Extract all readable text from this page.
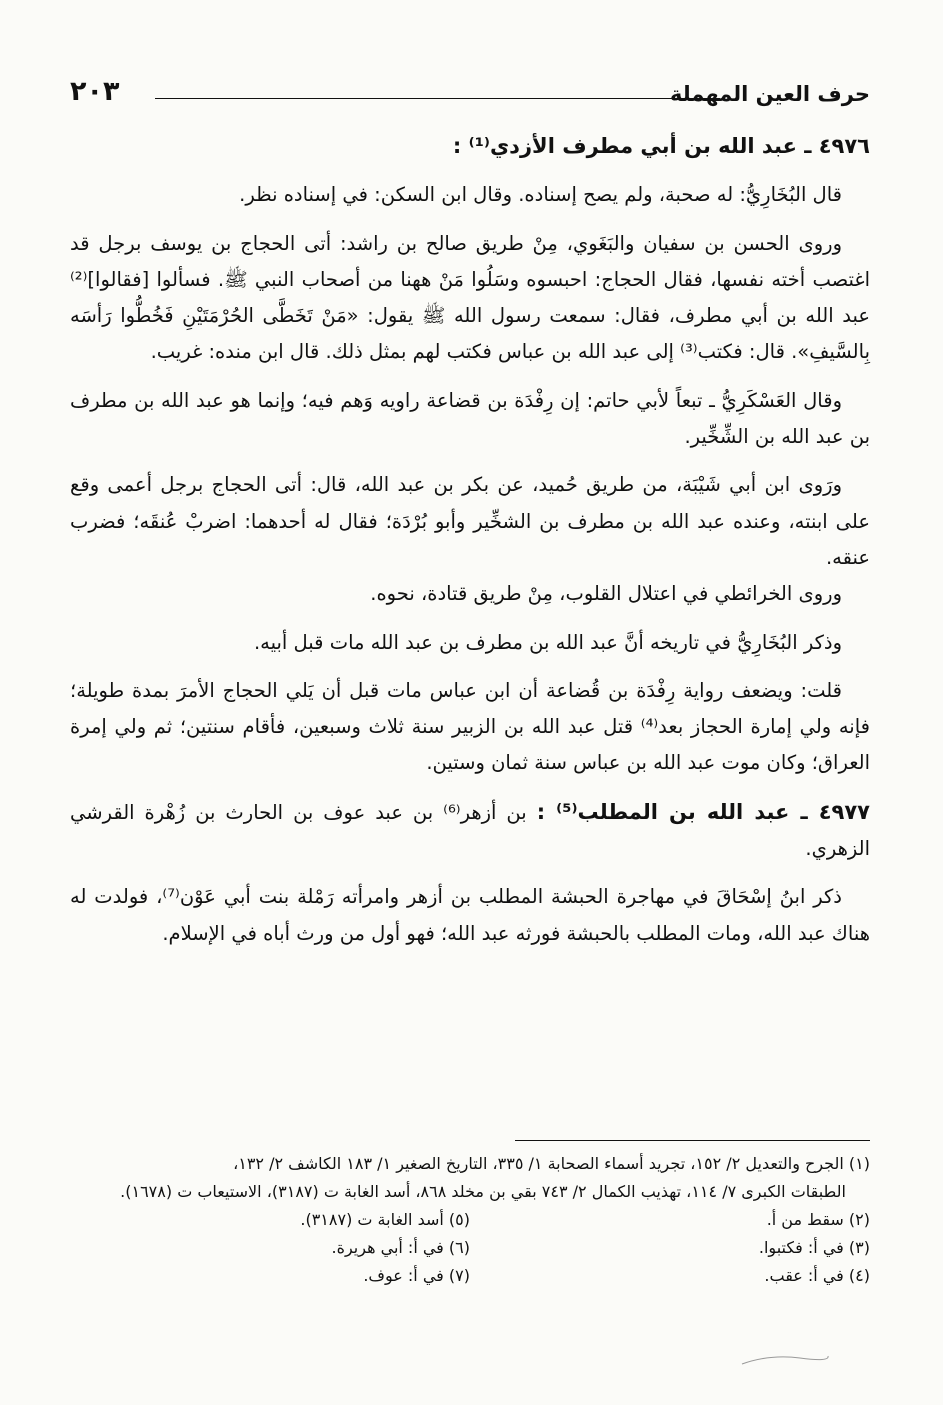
حرف العين المهملة
٢٠٣

٤٩٧٦ ـ عبد الله بن أبي مطرف الأزدي⁽¹⁾ :

قال البُخَارِيُّ: له صحبة، ولم يصح إسناده. وقال ابن السكن: في إسناده نظر.

وروى الحسن بن سفيان والبَغَوي، مِنْ طريق صالح بن راشد: أتى الحجاج بن يوسف برجل قد اغتصب أخته نفسها، فقال الحجاج: احبسوه وسَلُوا مَنْ ههنا من أصحاب النبي ﷺ. فسألوا [فقالوا]⁽²⁾ عبد الله بن أبي مطرف، فقال: سمعت رسول الله ﷺ يقول: «مَنْ تَخَطَّى الحُرْمَتَيْنِ فَخُطُّوا رَأسَه بِالسَّيفِ». قال: فكتب⁽³⁾ إلى عبد الله بن عباس فكتب لهم بمثل ذلك. قال ابن منده: غريب.

وقال العَسْكَرِيُّ ـ تبعاً لأبي حاتم: إن رِفْدَة بن قضاعة راويه وَهم فيه؛ وإنما هو عبد الله بن مطرف بن عبد الله بن الشِّخِّير.

ورَوى ابن أبي شَيْبَة، من طريق حُميد، عن بكر بن عبد الله، قال: أتى الحجاج برجل أعمى وقع على ابنته، وعنده عبد الله بن مطرف بن الشخِّير وأبو بُرْدَة؛ فقال له أحدهما: اضربْ عُنقَه؛ فضرب عنقه.

وروى الخرائطي في اعتلال القلوب، مِنْ طريق قتادة، نحوه.

وذكر البُخَارِيُّ في تاريخه أنَّ عبد الله بن مطرف بن عبد الله مات قبل أبيه.

قلت: ويضعف رواية رِفْدَة بن قُضاعة أن ابن عباس مات قبل أن يَلي الحجاج الأمرَ بمدة طويلة؛ فإنه ولي إمارة الحجاز بعد⁽⁴⁾ قتل عبد الله بن الزبير سنة ثلاث وسبعين، فأقام سنتين؛ ثم ولي إمرة العراق؛ وكان موت عبد الله بن عباس سنة ثمان وستين.

٤٩٧٧ ـ عبد الله بن المطلب⁽⁵⁾ : بن أزهر⁽⁶⁾ بن عبد عوف بن الحارث بن زُهْرة القرشي الزهري.

ذكر ابنُ إسْحَاقَ في مهاجرة الحبشة المطلب بن أزهر وامرأته رَمْلة بنت أبي عَوْن⁽⁷⁾، فولدت له هناك عبد الله، ومات المطلب بالحبشة فورثه عبد الله؛ فهو أول من ورث أباه في الإسلام.

(١) الجرح والتعديل ٢/ ١٥٢، تجريد أسماء الصحابة ١/ ٣٣٥، التاريخ الصغير ١/ ١٨٣ الكاشف ٢/ ١٣٢،
الطبقات الكبرى ٧/ ١١٤، تهذيب الكمال ٢/ ٧٤٣ بقي بن مخلد ٨٦٨، أسد الغابة ت (٣١٨٧)، الاستيعاب ت (١٦٧٨).

(٢) سقط من أ.

(٣) في أ: فكتبوا.

(٤) في أ: عقب.

(٥) أسد الغابة ت (٣١٨٧).

(٦) في أ: أبي هريرة.

(٧) في أ: عوف.
